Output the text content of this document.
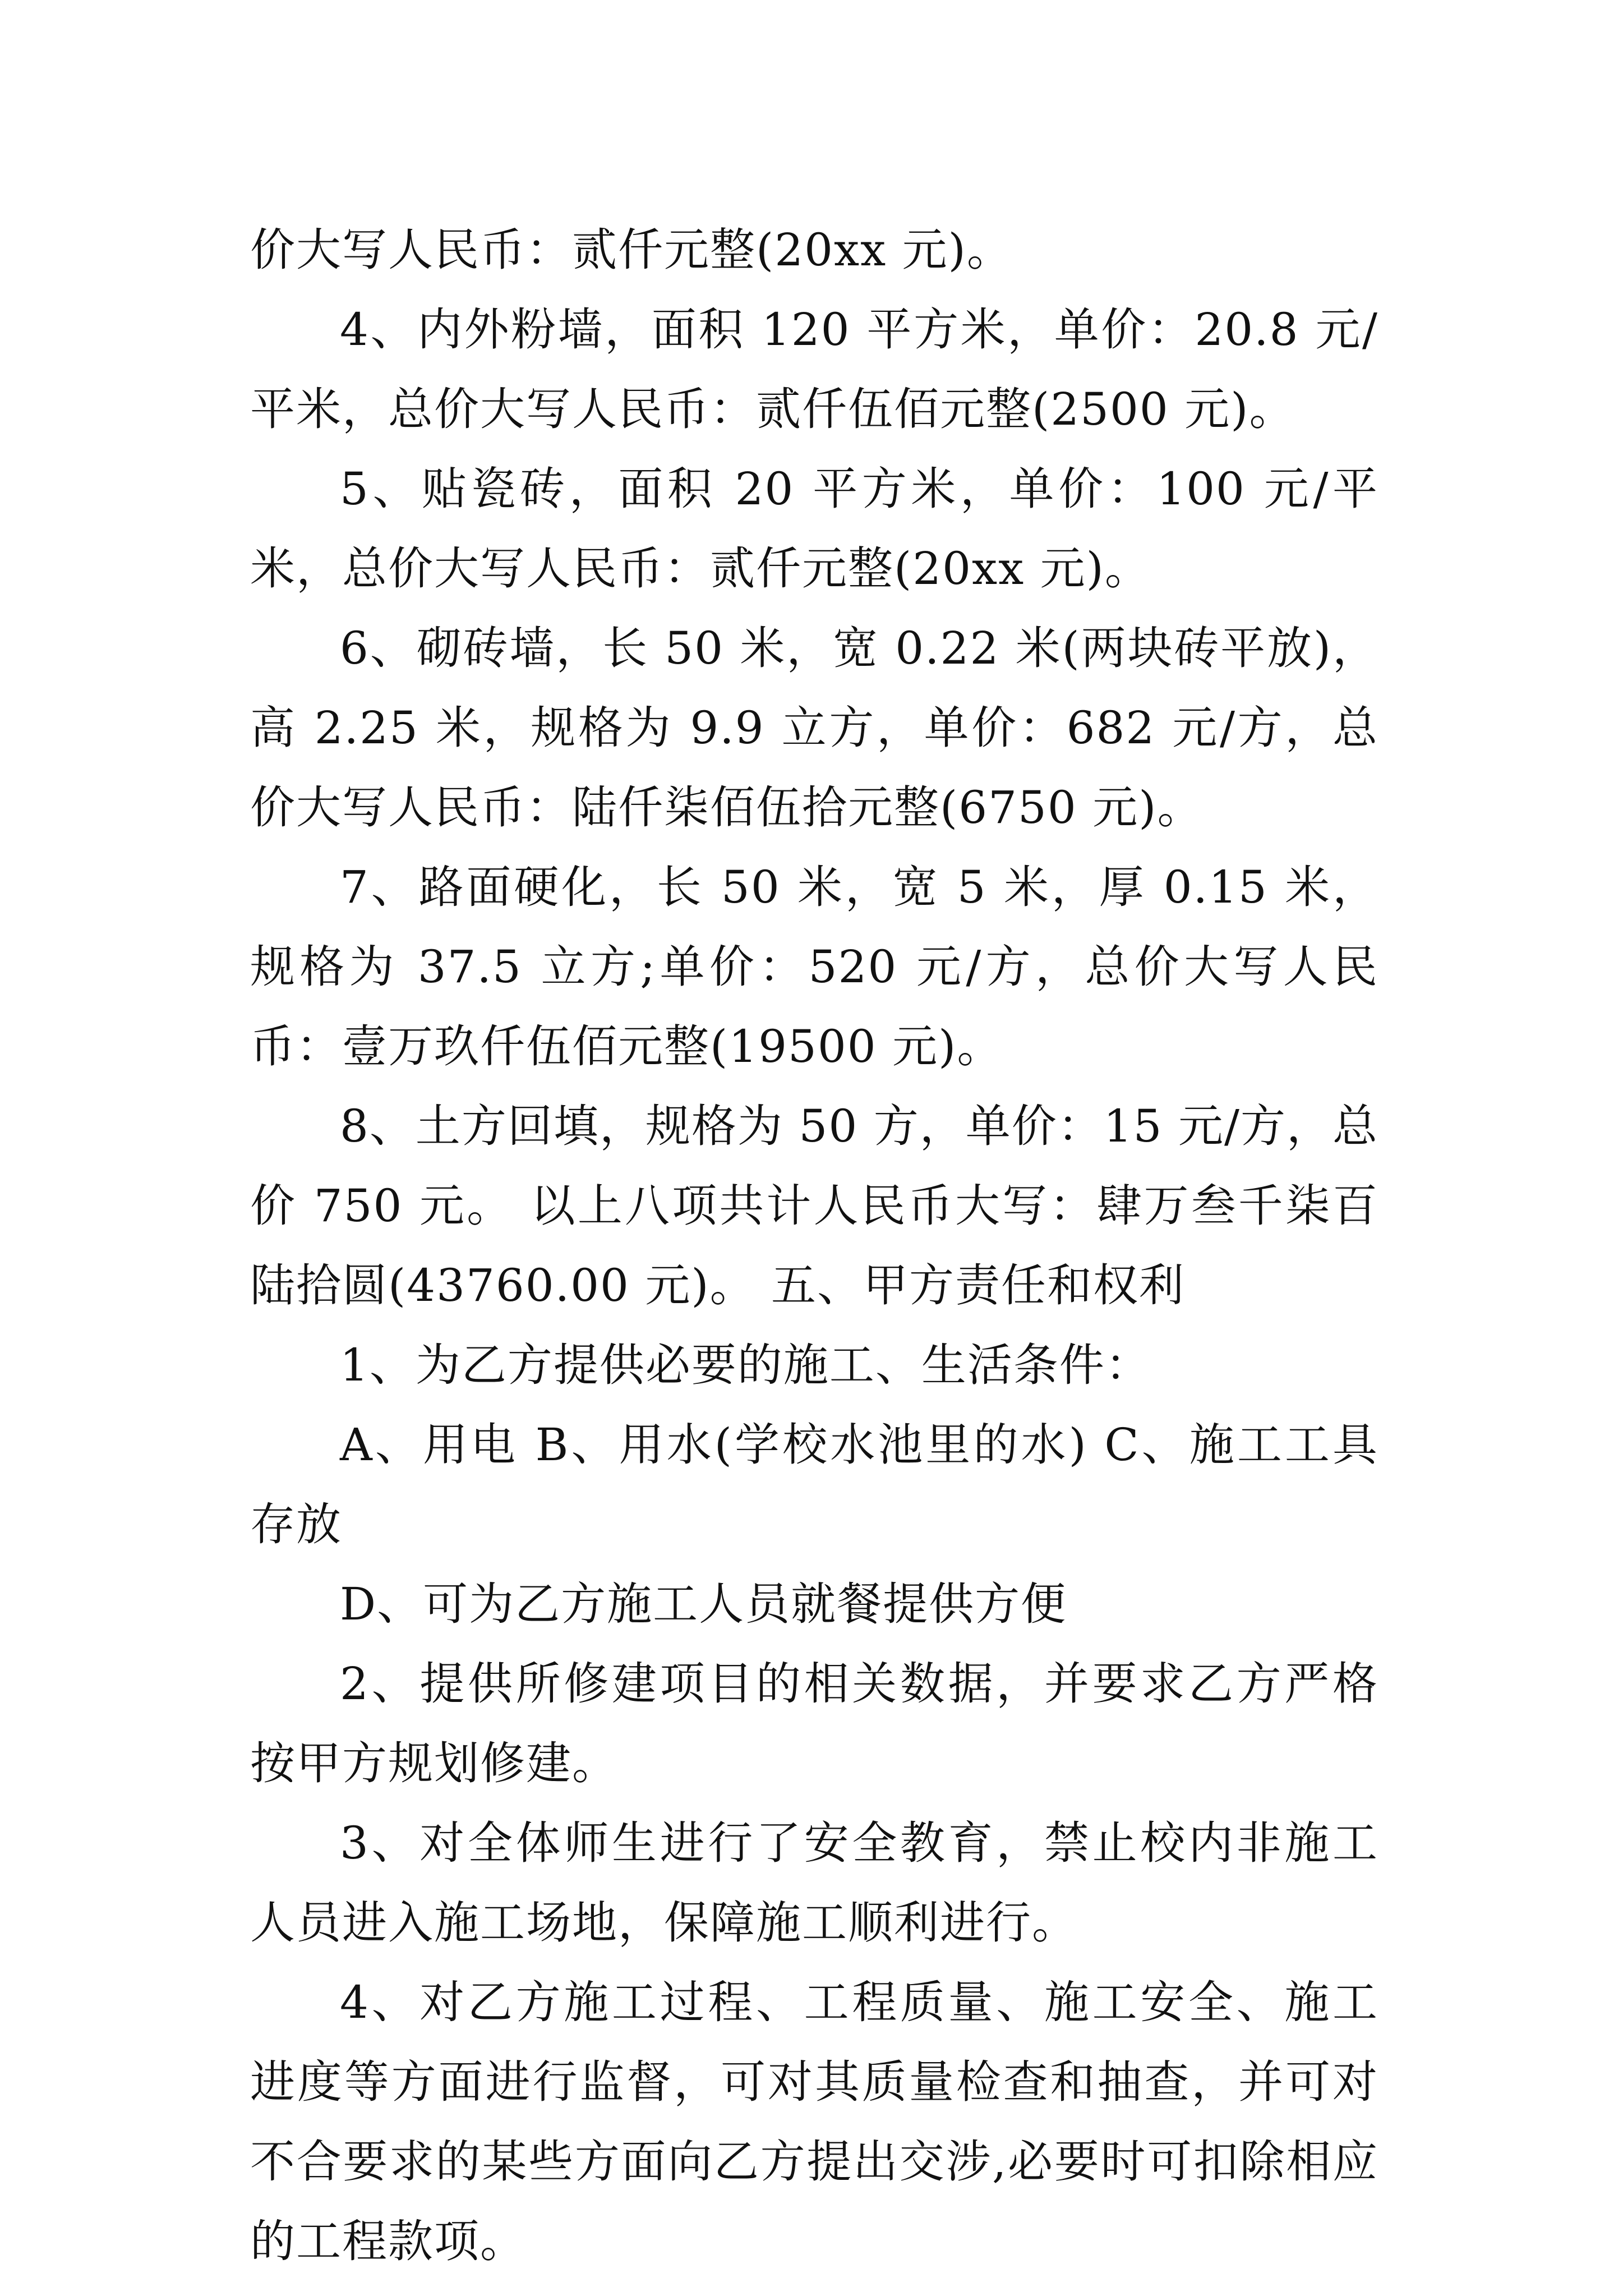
价大写人民币：贰仟元整(20xx 元)。

4、内外粉墙，面积 120 平方米，单价：20.8 元/平米，总价大写人民币：贰仟伍佰元整(2500 元)。

5、贴瓷砖，面积 20 平方米，单价：100 元/平米，总价大写人民币：贰仟元整(20xx 元)。

6、砌砖墙，长 50 米，宽 0.22 米(两块砖平放)，高 2.25 米，规格为 9.9 立方，单价：682 元/方，总价大写人民币：陆仟柒佰伍拾元整(6750 元)。

7、路面硬化，长 50 米，宽 5 米，厚 0.15 米，规格为 37.5 立方;单价：520 元/方，总价大写人民币：壹万玖仟伍佰元整(19500 元)。

8、土方回填，规格为 50 方，单价：15 元/方，总价 750 元。 以上八项共计人民币大写：肆万叁千柒百陆拾圆(43760.00 元)。 五、甲方责任和权利

1、为乙方提供必要的施工、生活条件：

A、用电 B、用水(学校水池里的水) C、施工工具存放

D、可为乙方施工人员就餐提供方便

2、提供所修建项目的相关数据，并要求乙方严格按甲方规划修建。

3、对全体师生进行了安全教育，禁止校内非施工人员进入施工场地，保障施工顺利进行。

4、对乙方施工过程、工程质量、施工安全、施工进度等方面进行监督，可对其质量检查和抽查，并可对不合要求的某些方面向乙方提出交涉,必要时可扣除相应的工程款项。
